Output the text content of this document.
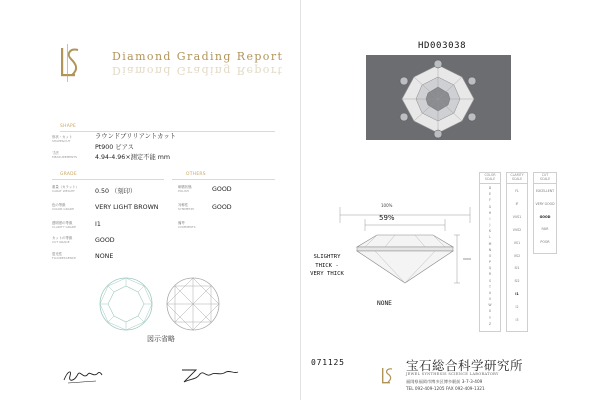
Diamond Grading Report
Diamond Grading Report
SHAPE
形状・カット
SHAPE&CUT
ラウンドブリリアントカット
Pt900 ピアス
寸法
MEASUREMENTS	4.94-4.96×測定不能 mm
GRADE	OTHERS
重量（カラット）
CARAT WEIGHT	0.50 （刻印）
色の等級
COLOR GRADE	VERY LIGHT BROWN
透明度の等級
CLARITY GRADE	I1
カットの等級
CUT GRADE	GOOD
蛍光性
FLUORESCENCE	NONE
研磨状態
POLISH	GOOD
対称性
SYMMETRY	GOOD
備考
COMMENTS
図示省略
HD003038
100%
59%
SLIGHTRY
THICK -
VERY THICK
NONE
COLOR
SCALE
D
E
F
G
H
I
J
K
L
M
N
O
P
Q
R
S
T
U
V
W
X
Y
Z
CLARITY
SCALE
FL
IF
VVS1
VVS2
VS1
VS2
SI1
SI2
I1
I2
I3
CUT
SCALE
EXCELLENT
VERY GOOD
GOOD
FAIR
POOR
071125	宝石総合科学研究所
JEWEL SYNTHESIS SCIENCE LABORATORY
福岡県福岡市博多区博多駅前 3-7-3-409
TEL 092-409-1205 FAX 092-409-1321
